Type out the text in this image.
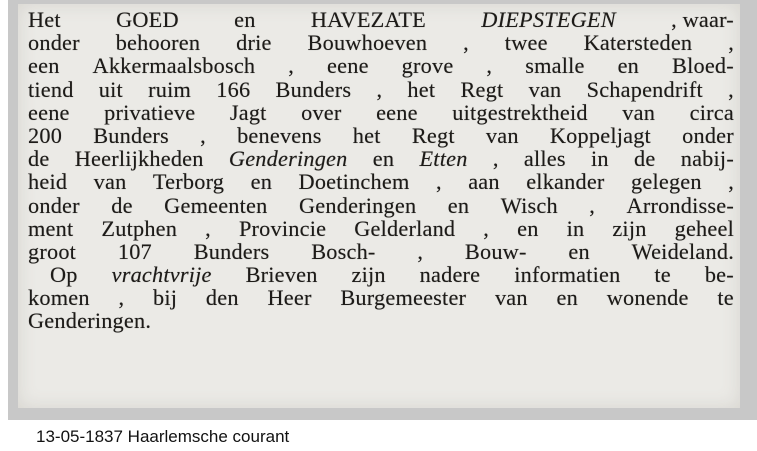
Het GOED en HAVEZATE DIEPSTEGEN , waar-
onder behooren drie Bouwhoeven , twee Katersteden ,
een Akkermaalsbosch , eene grove , smalle en Bloed-
tiend uit ruim 166 Bunders , het Regt van Schapendrift ,
eene privatieve Jagt over eene uitgestrektheid van circa
200 Bunders , benevens het Regt van Koppeljagt onder
de Heerlijkheden Genderingen en Etten , alles in de nabij-
heid van Terborg en Doetinchem , aan elkander gelegen ,
onder de Gemeenten Genderingen en Wisch , Arrondisse-
ment Zutphen , Provincie Gelderland , en in zijn geheel
groot 107 Bunders Bosch- , Bouw- en Weideland.
Op vrachtvrije Brieven zijn nadere informatien te be-
komen , bij den Heer Burgemeester van en wonende te
Genderingen.
13-05-1837 Haarlemsche courant
